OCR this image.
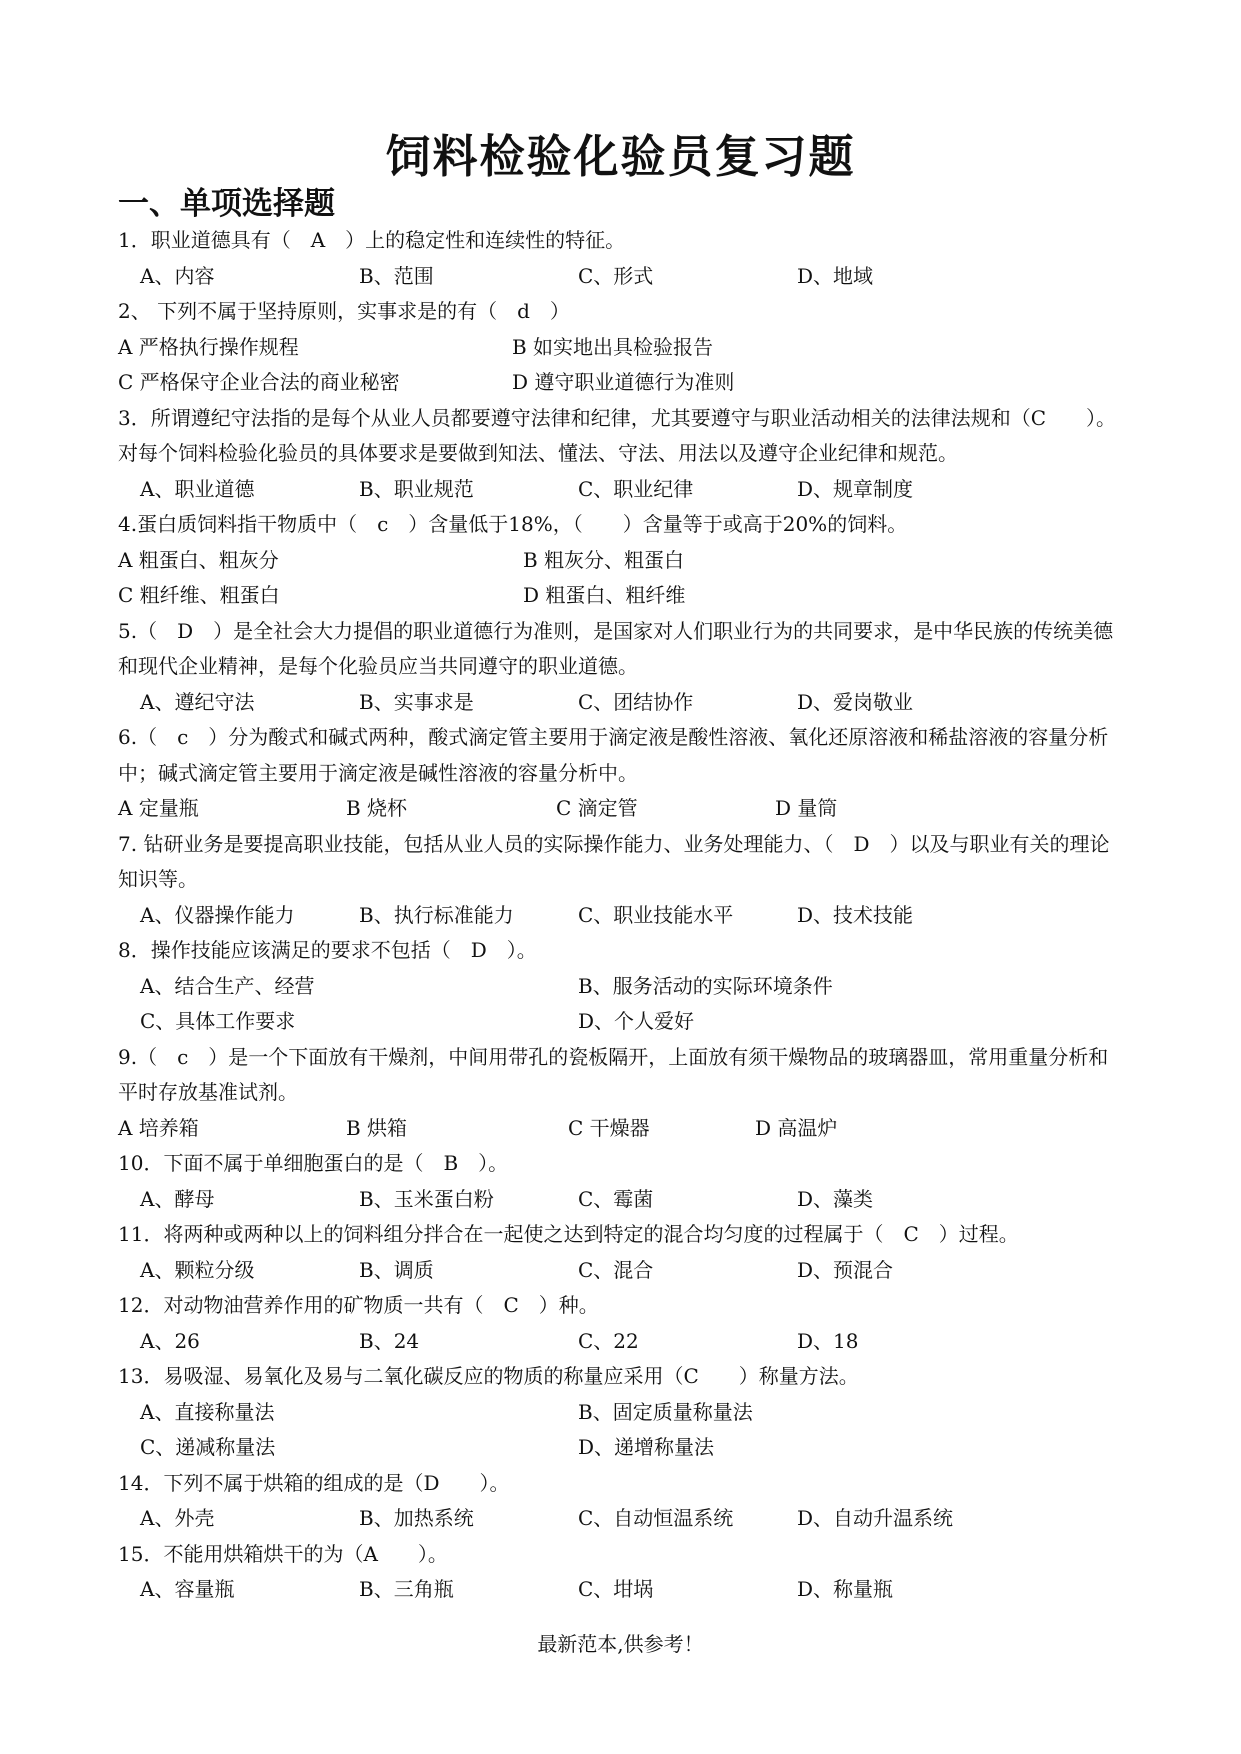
饲料检验化验员复习题
一、单项选择题
1．职业道德具有（　A　）上的稳定性和连续性的特征。
A、内容	B、范围	C、形式	D、地域
2、 下列不属于坚持原则，实事求是的有（　d　）
A 严格执行操作规程	B 如实地出具检验报告
C 严格保守企业合法的商业秘密	D 遵守职业道德行为准则
3．所谓遵纪守法指的是每个从业人员都要遵守法律和纪律，尤其要遵守与职业活动相关的法律法规和（C　　）。对每个饲料检验化验员的具体要求是要做到知法、懂法、守法、用法以及遵守企业纪律和规范。
A、职业道德	B、职业规范	C、职业纪律	D、规章制度
4.蛋白质饲料指干物质中（　c　）含量低于18%，（　　）含量等于或高于20%的饲料。
A 粗蛋白、粗灰分	B 粗灰分、粗蛋白
C 粗纤维、粗蛋白	D 粗蛋白、粗纤维
5.（　D　）是全社会大力提倡的职业道德行为准则，是国家对人们职业行为的共同要求，是中华民族的传统美德和现代企业精神，是每个化验员应当共同遵守的职业道德。
A、遵纪守法	B、实事求是	C、团结协作	D、爱岗敬业
6.（　c　）分为酸式和碱式两种，酸式滴定管主要用于滴定液是酸性溶液、氧化还原溶液和稀盐溶液的容量分析中；碱式滴定管主要用于滴定液是碱性溶液的容量分析中。
A 定量瓶	B 烧杯	C 滴定管	D 量筒
7. 钻研业务是要提高职业技能，包括从业人员的实际操作能力、业务处理能力、（　D　）以及与职业有关的理论知识等。
A、仪器操作能力	B、执行标准能力	C、职业技能水平	D、技术技能
8．操作技能应该满足的要求不包括（　D　）。
A、结合生产、经营	B、服务活动的实际环境条件
C、具体工作要求	D、个人爱好
9.（　c　）是一个下面放有干燥剂，中间用带孔的瓷板隔开，上面放有须干燥物品的玻璃器皿，常用重量分析和平时存放基准试剂。
A 培养箱	B 烘箱	C 干燥器	D 高温炉
10．下面不属于单细胞蛋白的是（　B　）。
A、酵母	B、玉米蛋白粉	C、霉菌	D、藻类
11．将两种或两种以上的饲料组分拌合在一起使之达到特定的混合均匀度的过程属于（　C　）过程。
A、颗粒分级	B、调质	C、混合	D、预混合
12．对动物油营养作用的矿物质一共有（　C　）种。
A、26	B、24	C、22	D、18
13．易吸湿、易氧化及易与二氧化碳反应的物质的称量应采用（C　　）称量方法。
A、直接称量法	B、固定质量称量法
C、递减称量法	D、递增称量法
14．下列不属于烘箱的组成的是（D　　）。
A、外壳	B、加热系统	C、自动恒温系统	D、自动升温系统
15．不能用烘箱烘干的为（A　　）。
A、容量瓶	B、三角瓶	C、坩埚	D、称量瓶
最新范本,供参考！
